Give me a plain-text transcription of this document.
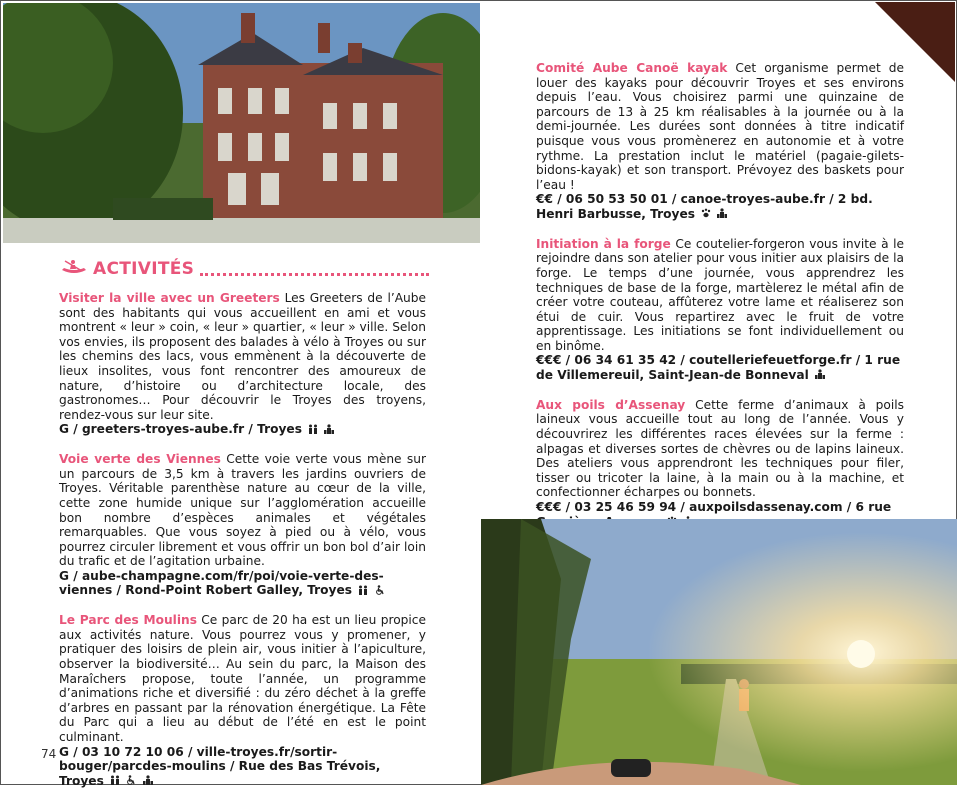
ACTIVITÉS
Visiter la ville avec un Greeters Les Greeters de l’Aube sont des habitants qui vous accueillent en ami et vous montrent « leur » coin, « leur » quartier, « leur » ville. Selon vos envies, ils proposent des balades à vélo à Troyes ou sur les chemins des lacs, vous emmènent à la découverte de lieux insolites, vous font rencontrer des amoureux de nature, d’histoire ou d’architecture locale, des gastronomes… Pour découvrir le Troyes des troyens, rendez-vous sur leur site.
G / greeters-troyes-aube.fr / Troyes
Voie verte des Viennes Cette voie verte vous mène sur un parcours de 3,5 km à travers les jardins ouvriers de Troyes. Véritable parenthèse nature au cœur de la ville, cette zone humide unique sur l’agglomération accueille bon nombre d’espèces animales et végétales remarquables. Que vous soyez à pied ou à vélo, vous pourrez circuler librement et vous offrir un bon bol d’air loin du trafic et de l’agitation urbaine.
G / aube-champagne.com/fr/poi/voie-verte-des-viennes / Rond-Point Robert Galley, Troyes
Le Parc des Moulins Ce parc de 20 ha est un lieu propice aux activités nature. Vous pourrez vous y promener, y pratiquer des loisirs de plein air, vous initier à l’apiculture, observer la biodiversité… Au sein du parc, la Maison des Maraîchers propose, toute l’année, un programme d’animations riche et diversifié : du zéro déchet à la greffe d’arbres en passant par la rénovation énergétique. La Fête du Parc qui a lieu au début de l’été en est le point culminant.
G / 03 10 72 10 06 / ville-troyes.fr/sortir-bouger/parcdes-moulins / Rue des Bas Trévois, Troyes
Comité Aube Canoë kayak Cet organisme permet de louer des kayaks pour découvrir Troyes et ses environs depuis l’eau. Vous choisirez parmi une quinzaine de parcours de 13 à 25 km réalisables à la journée ou à la demi-journée. Les durées sont données à titre indicatif puisque vous vous promènerez en autonomie et à votre rythme. La prestation inclut le matériel (pagaie-gilets-bidons-kayak) et son transport. Prévoyez des baskets pour l’eau !
€€ / 06 50 53 50 01 / canoe-troyes-aube.fr / 2 bd. Henri Barbusse, Troyes
Initiation à la forge Ce coutelier-forgeron vous invite à le rejoindre dans son atelier pour vous initier aux plaisirs de la forge. Le temps d’une journée, vous apprendrez les techniques de base de la forge, martèlerez le métal afin de créer votre couteau, affûterez votre lame et réaliserez son étui de cuir. Vous repartirez avec le fruit de votre apprentissage. Les initiations se font individuellement ou en binôme.
€€€ / 06 34 61 35 42 / coutelleriefeuetforge.fr / 1 rue de Villemereuil, Saint-Jean-de Bonneval
Aux poils d’Assenay Cette ferme d’animaux à poils laineux vous accueille tout au long de l’année. Vous y découvrirez les différentes races élevées sur la ferme : alpagas et diverses sortes de chèvres ou de lapins laineux. Des ateliers vous apprendront les techniques pour filer, tisser ou tricoter la laine, à la main ou à la machine, et confectionner écharpes ou bonnets.
€€€ / 03 25 46 59 94 / auxpoilsdassenay.com / 6 rue
74
